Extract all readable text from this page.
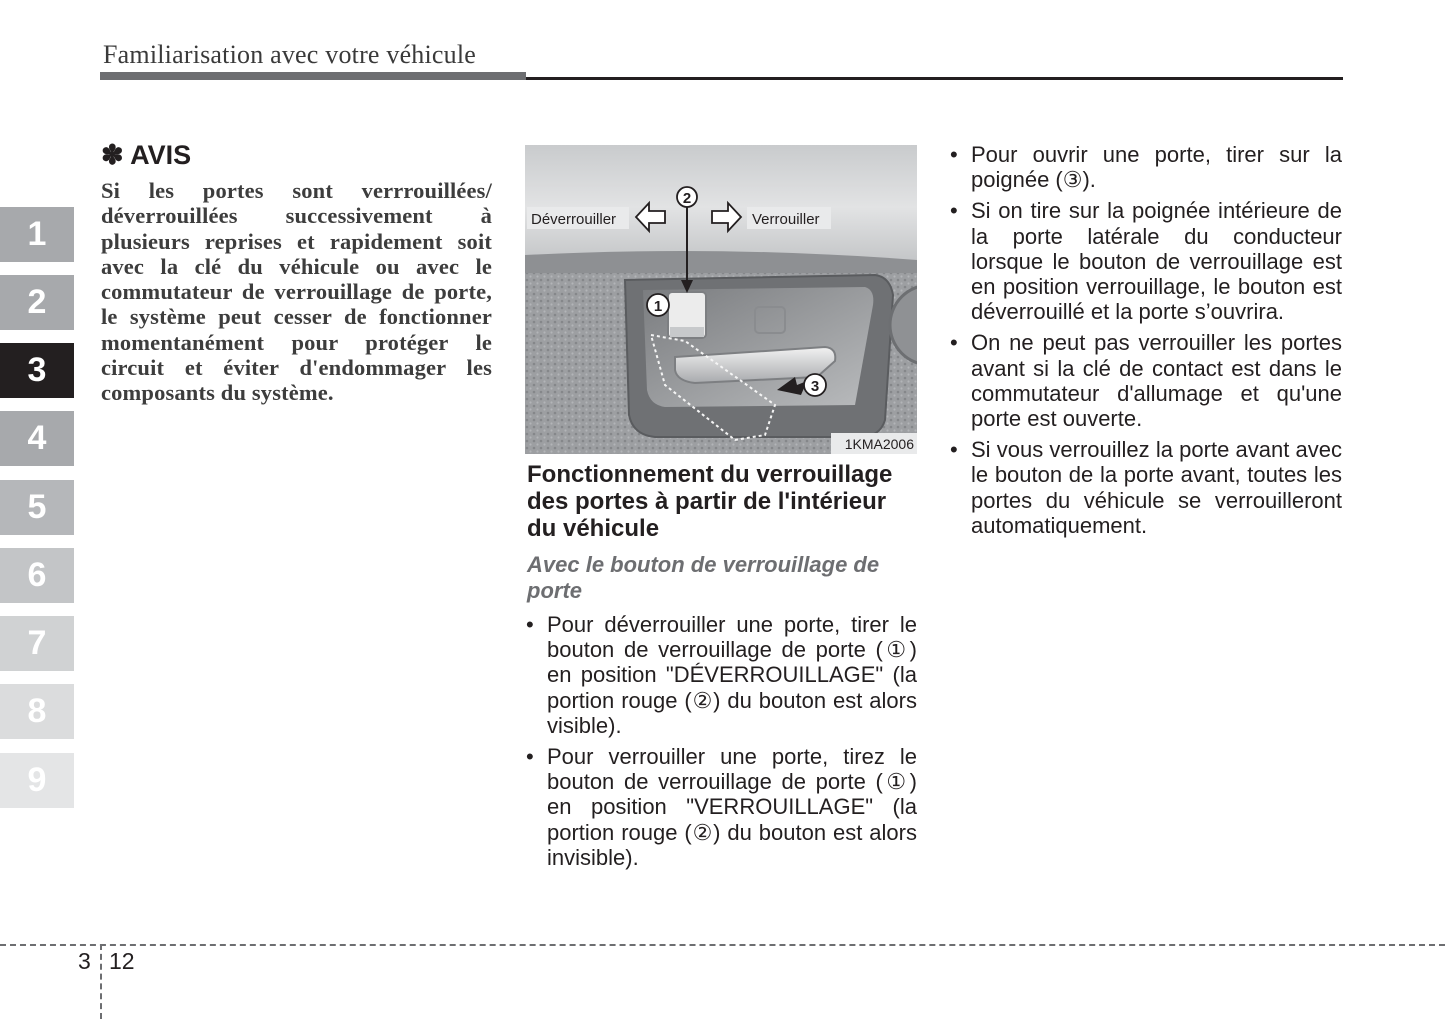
Familiarisation avec votre véhicule
1
2
3
4
5
6
7
8
9
✽ AVIS
Si les portes sont verrrouillées/ déverrouillées successivement à plusieurs reprises et rapidement soit avec la clé du véhicule ou avec le commutateur de verrouillage de porte, le système peut cesser de fonctionner momentanément pour protéger le circuit et éviter d'endommager les composants du système.
Déverrouiller	Verrouiller
2
1
3
1KMA2006
Fonctionnement du verrouillage des portes à partir de l'intérieur du véhicule
Avec le bouton de verrouillage de porte
• Pour déverrouiller une porte, tirer le bouton de verrouillage de porte (①) en position "DÉVERROUILLAGE" (la portion rouge (②) du bouton est alors visible).
• Pour verrouiller une porte, tirez le bouton de verrouillage de porte (①) en position "VERROUILLAGE" (la portion rouge (②) du bouton est alors invisible).
• Pour ouvrir une porte, tirer sur la poignée (③).
• Si on tire sur la poignée intérieure de la porte latérale du conducteur lorsque le bouton de verrouillage est en position verrouillage, le bouton est déverrouillé et la porte s’ouvrira.
• On ne peut pas verrouiller les portes avant si la clé de contact est dans le commutateur d'allumage et qu'une porte est ouverte.
• Si vous verrouillez la porte avant avec le bouton de la porte avant, toutes les portes du véhicule se verrouilleront automatiquement.
3 12
